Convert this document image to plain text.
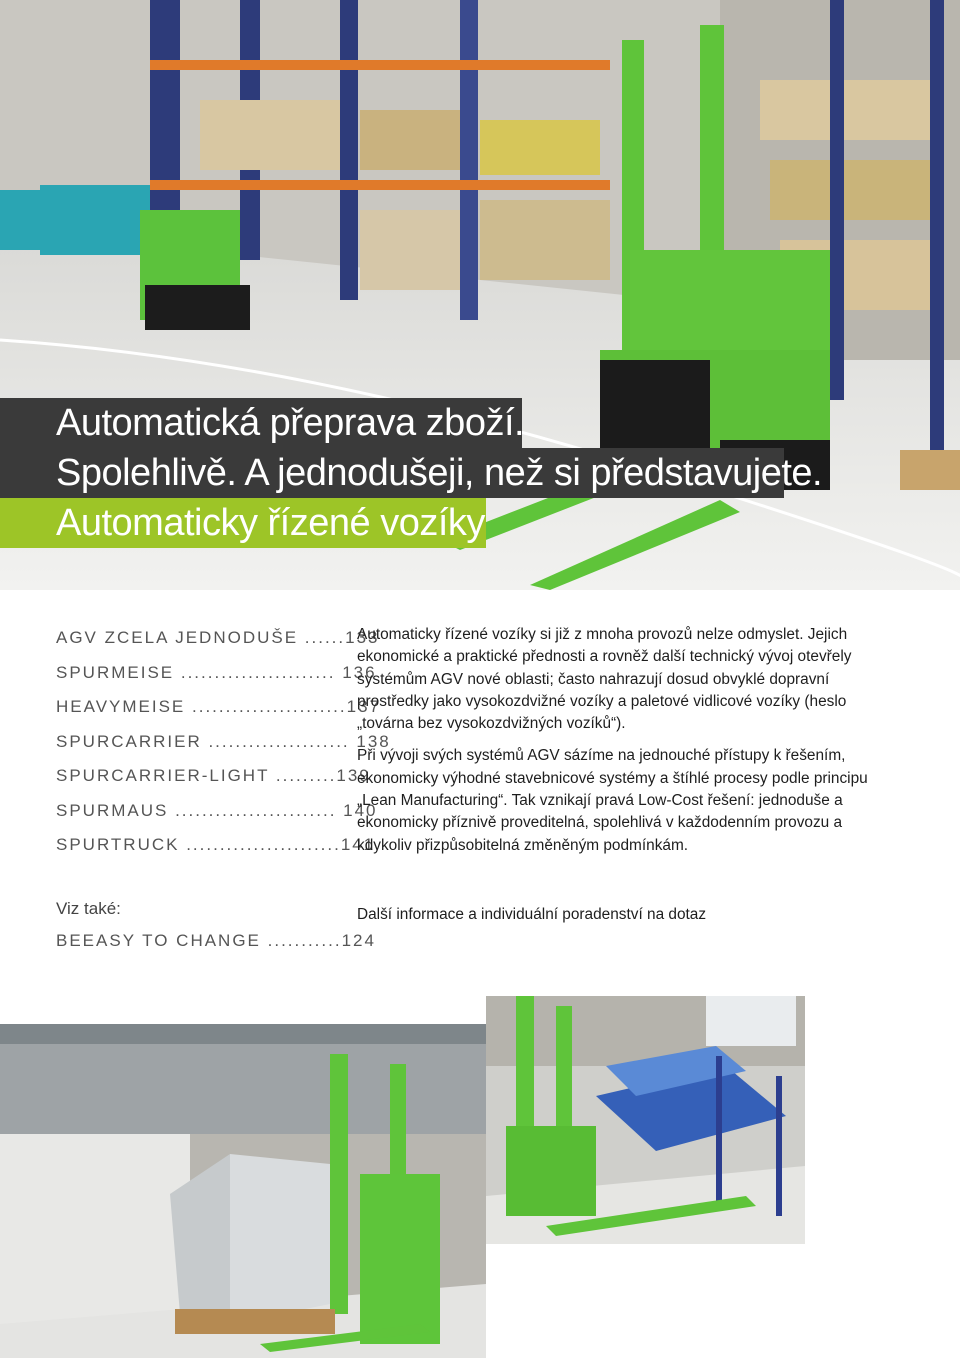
Automatická přeprava zboží.
Spolehlivě. A jednodušeji, než si představujete.
Automaticky řízené vozíky
AGV ZCELA JEDNODUŠE ......133
SPURMEISE ....................... 136
HEAVYMEISE .......................137
SPURCARRIER ..................... 138
SPURCARRIER-LIGHT .........139
SPURMAUS ........................ 140
SPURTRUCK .......................141
Viz také:
BEEASY TO CHANGE ...........124

Automaticky řízené vozíky si již z mnoha provozů nelze odmyslet. Jejich ekonomické a praktické přednosti a rovněž další technický vývoj otevřely systémům AGV nové oblasti; často nahrazují dosud obvyklé dopravní prostředky jako vysokozdvižné vozíky a paletové vidlicové vozíky (heslo „továrna bez vysokozdvižných vozíků“).

Při vývoji svých systémů AGV sázíme na jednouché přístupy k řešením, ekonomicky výhodné stavebnicové systémy a štíhlé procesy podle principu „Lean Manufacturing“. Tak vznikají pravá Low-Cost řešení: jednoduše a ekonomicky příznivě proveditelná, spolehlivá v každodenním provozu a kdykoliv přizpůsobitelná změněným podmínkám.

Další informace a individuální poradenství na dotaz
